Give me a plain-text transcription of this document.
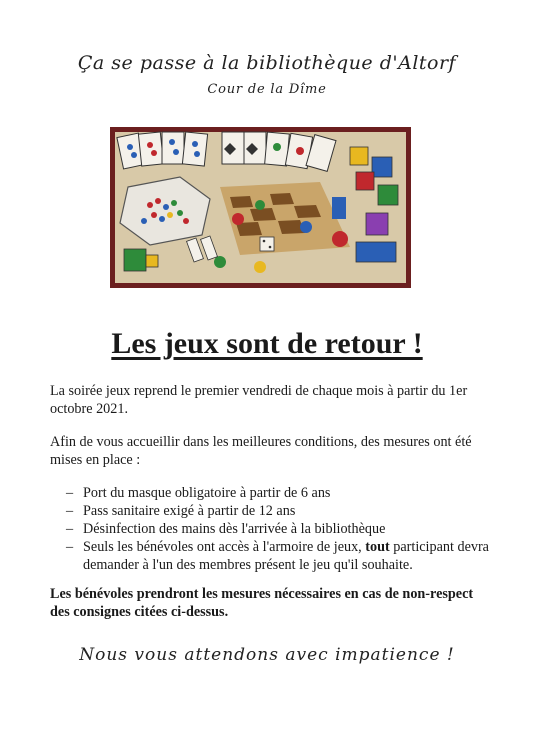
Ça se passe à la bibliothèque d'Altorf
Cour de la Dîme
Les jeux sont de retour !
La soirée jeux reprend le premier vendredi de chaque mois à partir du 1er octobre 2021.
Afin de vous accueillir dans les meilleures conditions, des mesures ont été mises en place :
– Port du masque obligatoire à partir de 6 ans
– Pass sanitaire exigé à partir de 12 ans
– Désinfection des mains dès l'arrivée à la bibliothèque
– Seuls les bénévoles ont accès à l'armoire de jeux, tout participant devra demander à l'un des membres présent le jeu qu'il souhaite.
Les bénévoles prendront les mesures nécessaires en cas de non-respect des consignes citées ci-dessus.
Nous vous attendons avec impatience !
